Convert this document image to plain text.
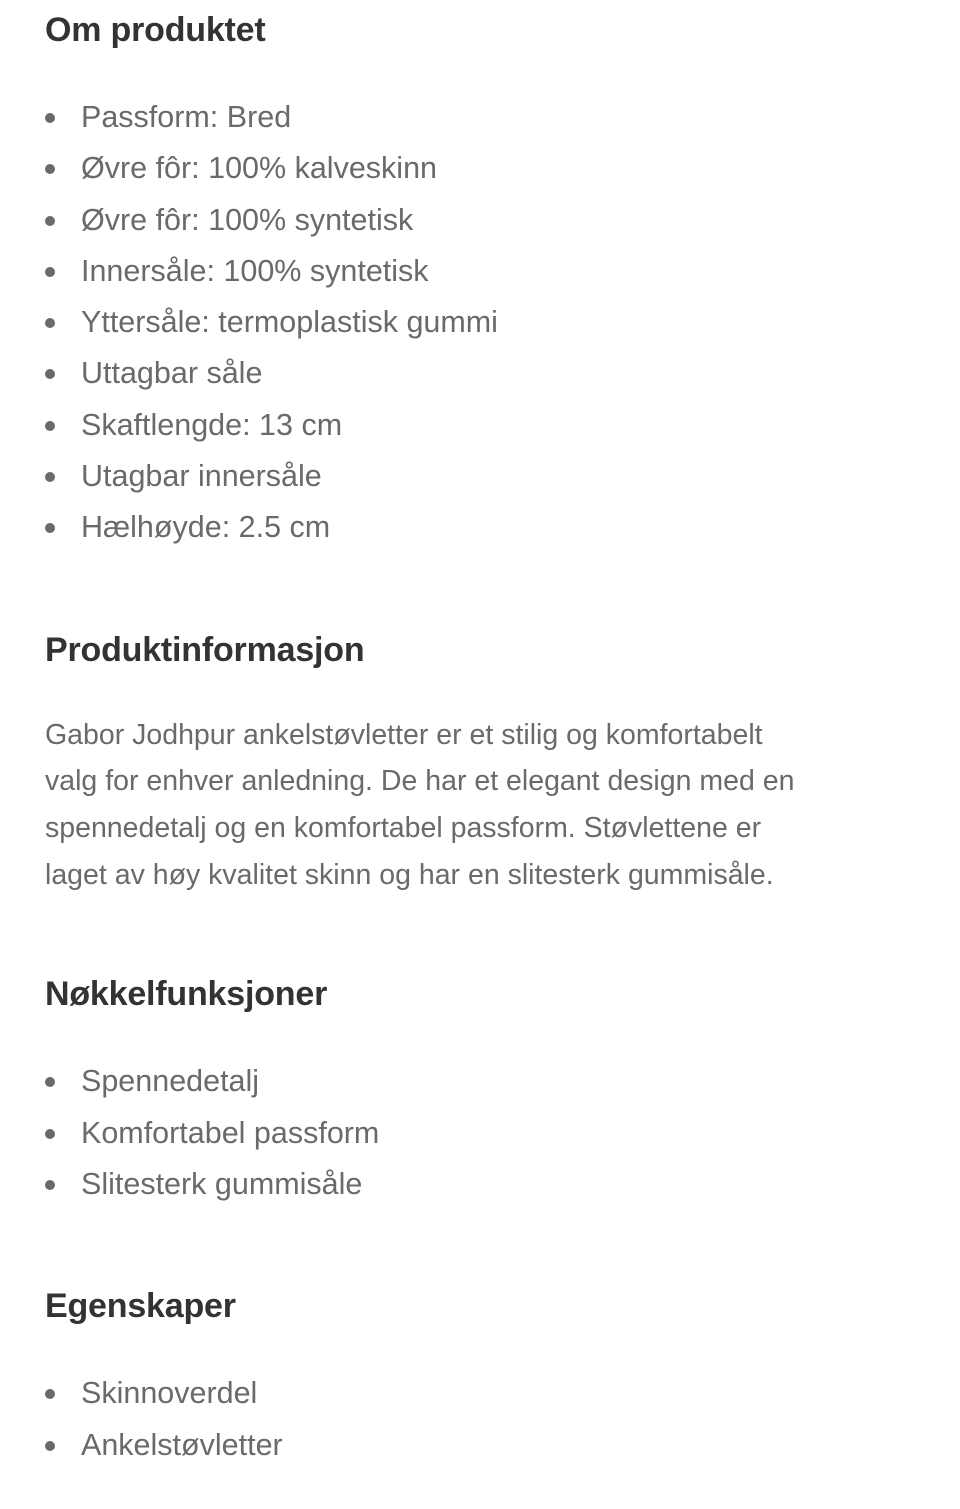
Om produktet
Passform: Bred
Øvre fôr: 100% kalveskinn
Øvre fôr: 100% syntetisk
Innersåle: 100% syntetisk
Yttersåle: termoplastisk gummi
Uttagbar såle
Skaftlengde: 13 cm
Utagbar innersåle
Hælhøyde: 2.5 cm
Produktinformasjon

Gabor Jodhpur ankelstøvletter er et stilig og komfortabelt
valg for enhver anledning. De har et elegant design med en
spennedetalj og en komfortabel passform. Støvlettene er
laget av høy kvalitet skinn og har en slitesterk gummisåle.

Nøkkelfunksjoner
Spennedetalj
Komfortabel passform
Slitesterk gummisåle
Egenskaper
Skinnoverdel
Ankelstøvletter
